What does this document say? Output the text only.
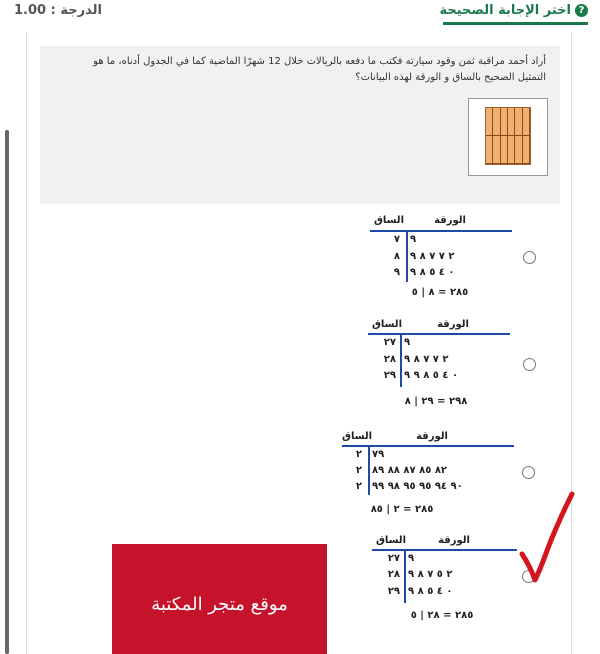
?
اختر الإجابة الصحيحة
الدرجة : 1.00
أراد أحمد مراقبة ثمن وقود سيارته فكتب ما دفعه بالريالات خلال 12 شهرًا الماضية كما في الجدول أدناه، ما هو التمثيل الصحيح بالساق و الورقة لهذه البيانات؟
الساق	الورقة
٧ ٩
٨ ٢ ٧ ٧ ٨ ٩
٩ ٠ ٤ ٥ ٨ ٩
٢٨٥ = ٨ | ٥
الساق	الورقة
٢٧ ٩
٢٨ ٢ ٧ ٧ ٨ ٩
٢٩ ٠ ٤ ٥ ٨ ٩ ٩
٢٩٨ = ٢٩ | ٨
الساق	الورقة
٢ ٧٩
٢ ٨٢ ٨٥ ٨٧ ٨٨ ٨٩
٢ ٩٠ ٩٤ ٩٥ ٩٥ ٩٨ ٩٩
٢٨٥ = ٢ | ٨٥
الساق	الورقة
٢٧ ٩
٢٨ ٢ ٥ ٧ ٨ ٩
٢٩ ٠ ٤ ٥ ٨ ٩
٢٨٥ = ٢٨ | ٥
موقع متجر المكتبة
